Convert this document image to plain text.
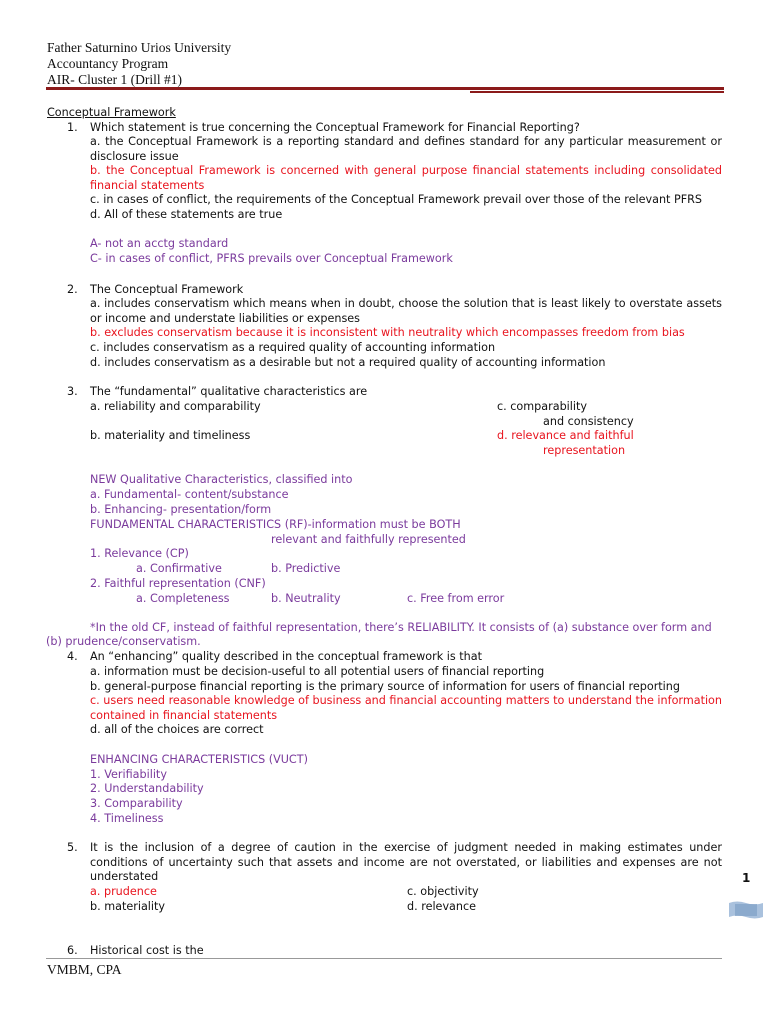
Father Saturnino Urios University
Accountancy Program
AIR- Cluster 1 (Drill #1)
Conceptual Framework
1. Which statement is true concerning the Conceptual Framework for Financial Reporting?
a. the Conceptual Framework is a reporting standard and defines standard for any particular measurement or disclosure issue
b. the Conceptual Framework is concerned with general purpose financial statements including consolidated financial statements
c. in cases of conflict, the requirements of the Conceptual Framework prevail over those of the relevant PFRS
d. All of these statements are true
A- not an acctg standard
C- in cases of conflict, PFRS prevails over Conceptual Framework
2. The Conceptual Framework
a. includes conservatism which means when in doubt, choose the solution that is least likely to overstate assets or income and understate liabilities or expenses
b. excludes conservatism because it is inconsistent with neutrality which encompasses freedom from bias
c. includes conservatism as a required quality of accounting information
d. includes conservatism as a desirable but not a required quality of accounting information
3. The “fundamental” qualitative characteristics are
a. reliability and comparability	c. comparability
and consistency
b. materiality and timeliness	d. relevance and faithful
representation
NEW Qualitative Characteristics, classified into
a. Fundamental- content/substance
b. Enhancing- presentation/form
FUNDAMENTAL CHARACTERISTICS (RF)-information must be BOTH
relevant and faithfully represented
1. Relevance (CP)
a. Confirmative	b. Predictive
2. Faithful representation (CNF)
a. Completeness	b. Neutrality	c. Free from error
*In the old CF, instead of faithful representation, there’s RELIABILITY. It consists of (a) substance over form and
(b) prudence/conservatism.
4. An “enhancing” quality described in the conceptual framework is that
a. information must be decision-useful to all potential users of financial reporting
b. general-purpose financial reporting is the primary source of information for users of financial reporting
c. users need reasonable knowledge of business and financial accounting matters to understand the information contained in financial statements
d. all of the choices are correct
ENHANCING CHARACTERISTICS (VUCT)
1. Verifiability
2. Understandability
3. Comparability
4. Timeliness
5. It is the inclusion of a degree of caution in the exercise of judgment needed in making estimates under conditions of uncertainty such that assets and income are not overstated, or liabilities and expenses are not understated
a. prudence	c. objectivity
b. materiality	d. relevance
6. Historical cost is the
1
VMBM, CPA
